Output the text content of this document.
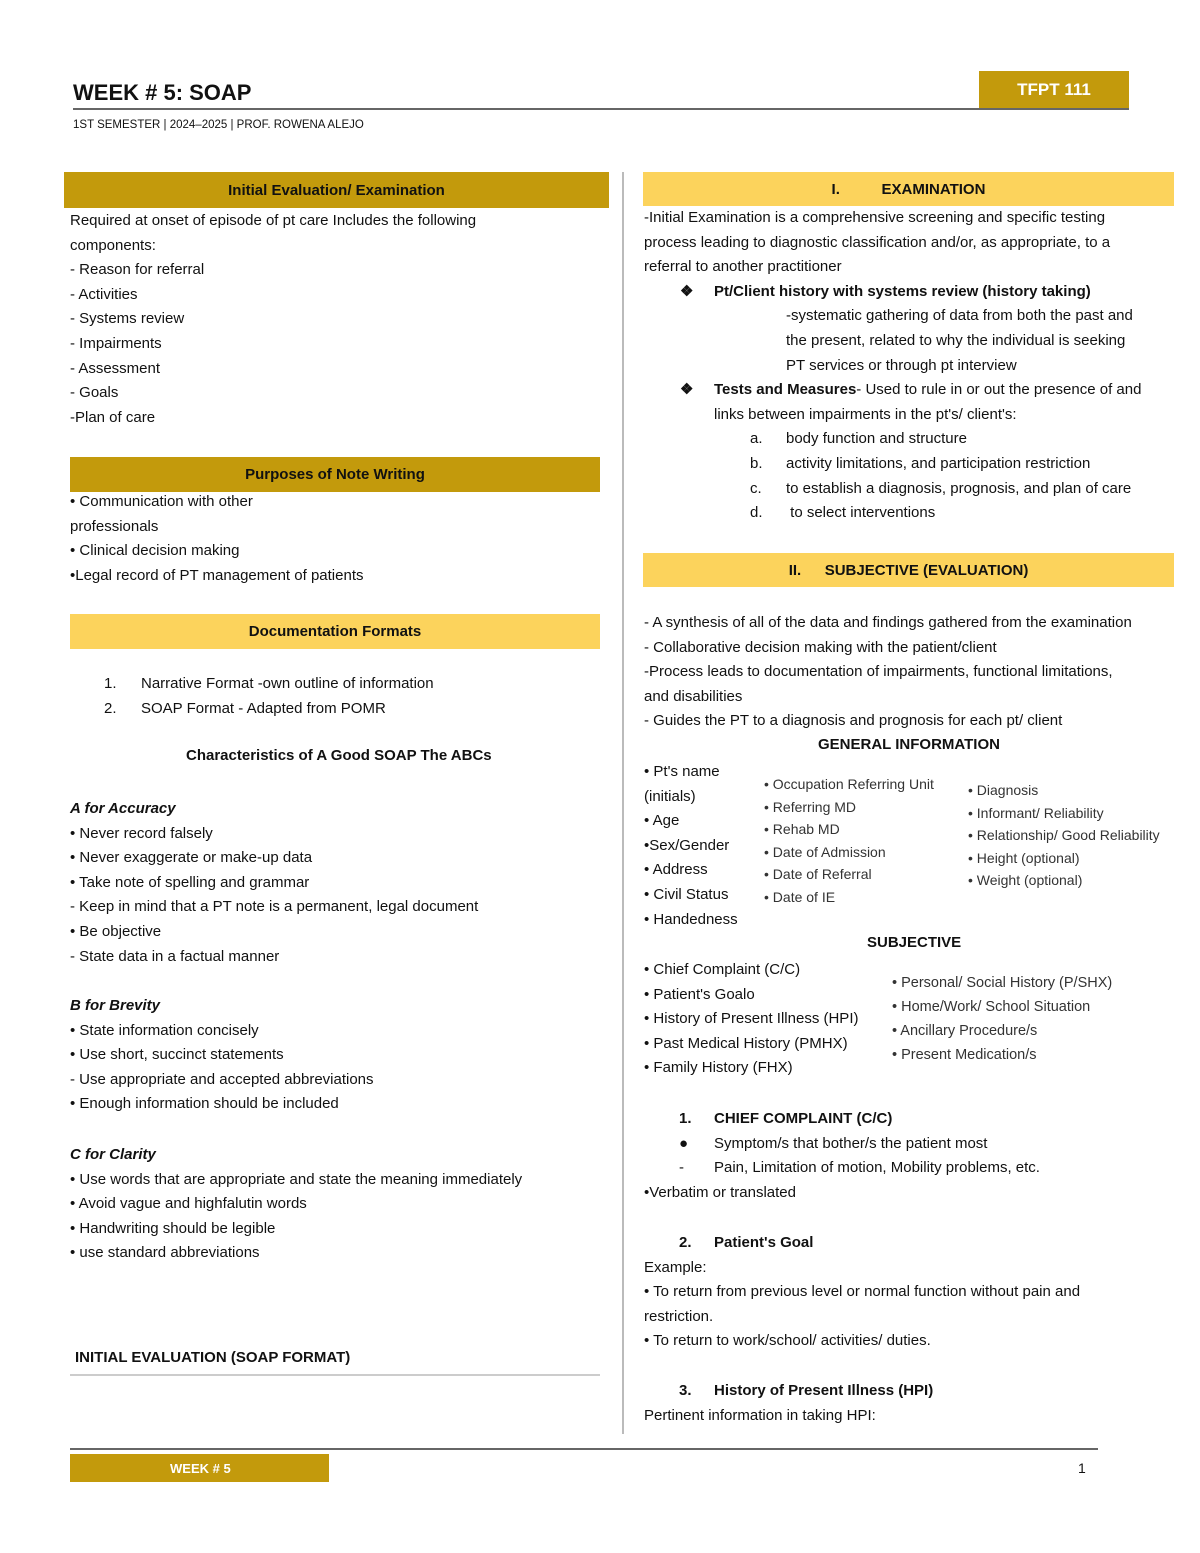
WEEK # 5: SOAP	TFPT 111
1ST SEMESTER | 2024–2025 | PROF. ROWENA ALEJO
Initial Evaluation/ Examination
Required at onset of episode of pt care Includes the following
components:
- Reason for referral
- Activities
- Systems review
- Impairments
- Assessment
- Goals
-Plan of care
Purposes of Note Writing
• Communication with other
professionals
• Clinical decision making
•Legal record of PT management of patients
Documentation Formats
1.	Narrative Format -own outline of information
2.	SOAP Format - Adapted from POMR
Characteristics of A Good SOAP The ABCs
A for Accuracy
• Never record falsely
• Never exaggerate or make-up data
• Take note of spelling and grammar
- Keep in mind that a PT note is a permanent, legal document
• Be objective
- State data in a factual manner
B for Brevity
• State information concisely
• Use short, succinct statements
- Use appropriate and accepted abbreviations
• Enough information should be included
C for Clarity
• Use words that are appropriate and state the meaning immediately
• Avoid vague and highfalutin words
• Handwriting should be legible
• use standard abbreviations
INITIAL EVALUATION (SOAP FORMAT)
I.	EXAMINATION
-Initial Examination is a comprehensive screening and specific testing
process leading to diagnostic classification and/or, as appropriate, to a
referral to another practitioner
❖ Pt/Client history with systems review (history taking)
-systematic gathering of data from both the past and
the present, related to why the individual is seeking
PT services or through pt interview
❖ Tests and Measures- Used to rule in or out the presence of and
links between impairments in the pt's/ client's:
a.	body function and structure
b.	activity limitations, and participation restriction
c.	to establish a diagnosis, prognosis, and plan of care
d.	to select interventions
II.	SUBJECTIVE (EVALUATION)
- A synthesis of all of the data and findings gathered from the examination
- Collaborative decision making with the patient/client
-Process leads to documentation of impairments, functional limitations,
and disabilities
- Guides the PT to a diagnosis and prognosis for each pt/ client
GENERAL INFORMATION
• Pt's name
(initials)
• Age
•Sex/Gender
• Address
• Civil Status
• Handedness
• Occupation Referring Unit
• Referring MD
• Rehab MD
• Date of Admission
• Date of Referral
• Date of IE
• Diagnosis
• Informant/ Reliability
• Relationship/ Good Reliability
• Height (optional)
• Weight (optional)
SUBJECTIVE
• Chief Complaint (C/C)
• Patient's Goalo
• History of Present Illness (HPI)
• Past Medical History (PMHX)
• Family History (FHX)
• Personal/ Social History (P/SHX)
• Home/Work/ School Situation
• Ancillary Procedure/s
• Present Medication/s
1.	CHIEF COMPLAINT (C/C)
●	Symptom/s that bother/s the patient most
-	Pain, Limitation of motion, Mobility problems, etc.
•Verbatim or translated
2.	Patient's Goal
Example:
• To return from previous level or normal function without pain and
restriction.
• To return to work/school/ activities/ duties.
3.	History of Present Illness (HPI)
Pertinent information in taking HPI:
WEEK # 5	1
